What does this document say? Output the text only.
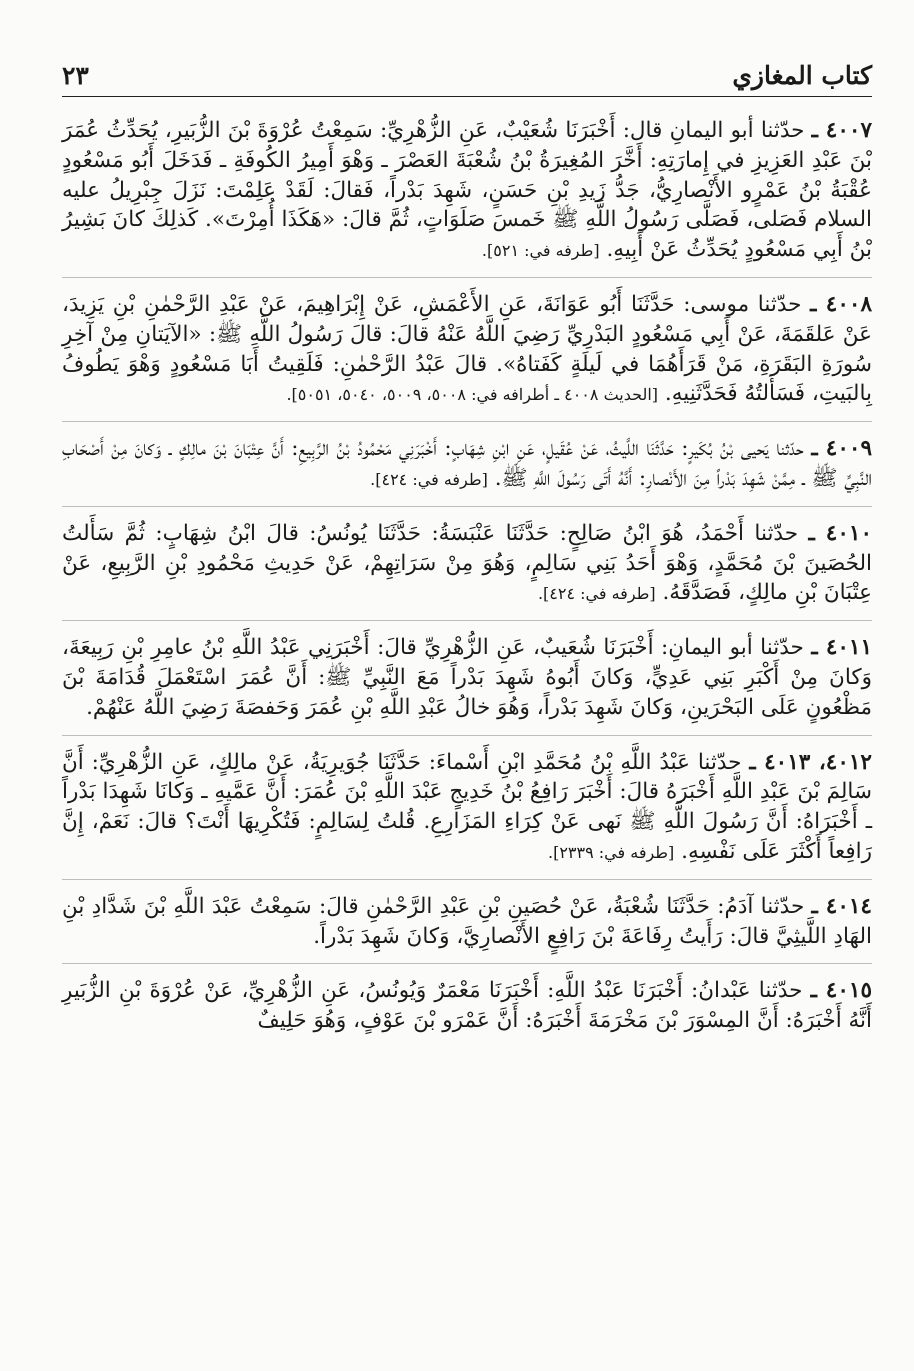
كتاب المغازي
٢٣

٤٠٠٧ ـ حدّثنا أبو اليمانِ قال: أَخْبَرَنَا شُعَيْبٌ، عَنِ الزُّهْرِيِّ: سَمِعْتُ عُرْوَةَ بْنَ الزُّبَيرِ، يُحَدِّثُ عُمَرَ بْنَ عَبْدِ العَزِيزِ في إِمارَتِهِ: أَخَّرَ المُغِيرَةُ بْنُ شُعْبَةَ العَصْرَ ـ وَهْوَ أَمِيرُ الكُوفَةِ ـ فَدَخَلَ أَبُو مَسْعُودٍ عُقْبَةُ بْنُ عَمْرٍو الأَنْصارِيُّ، جَدُّ زَيدِ بْنِ حَسَنٍ، شَهِدَ بَدْراً، فَقالَ: لَقَدْ عَلِمْتَ: نَزَلَ جِبْرِيلُ عليه السلام فَصَلى، فَصَلَّى رَسُولُ اللَّهِ ﷺ خَمسَ صَلَوَاتٍ، ثُمَّ قالَ: «هَكَذَا أُمِرْتَ». كَذلِكَ كانَ بَشِيرُ بْنُ أَبِي مَسْعُودٍ يُحَدِّثُ عَنْ أَبِيهِ. [طرفه في: ٥٢١].

٤٠٠٨ ـ حدّثنا موسى: حَدَّثَنَا أَبُو عَوَانَةَ، عَنِ الأَعْمَشِ، عَنْ إِبْرَاهِيمَ، عَنْ عَبْدِ الرَّحْمٰنِ بْنِ يَزِيدَ، عَنْ عَلقَمَةَ، عَنْ أَبِي مَسْعُودٍ البَدْرِيِّ رَضِيَ اللَّهُ عَنْهُ قالَ: قالَ رَسُولُ اللَّهِ ﷺ: «الآيَتانِ مِنْ آخِرِ سُورَةِ البَقَرَةِ، مَنْ قَرَأَهُمَا في لَيلَةٍ كَفَتاهُ». قالَ عَبْدُ الرَّحْمٰنِ: فَلَقِيتُ أَبَا مَسْعُودٍ وَهْوَ يَطُوفُ بِالبَيتِ، فَسَأَلتُهُ فَحَدَّثَنِيهِ. [الحديث ٤٠٠٨ ـ أطرافه في: ٥٠٠٨، ٥٠٠٩، ٥٠٤٠، ٥٠٥١].

٤٠٠٩ ـ حدّثنا يَحيى بْنُ بُكَيرٍ: حَدَّثَنَا اللَّيثُ، عَنْ عُقَيلٍ، عَنِ ابْنِ شِهَابٍ: أَخْبَرَنِي مَحْمُودُ بْنُ الرَّبِيعِ: أَنَّ عِتْبَانَ بْنَ مالِكٍ ـ وَكانَ مِنْ أَصْحَابِ النَّبِيِّ ﷺ ـ مِمَّنْ شَهِدَ بَدْراً مِنَ الأَنْصارِ: أَنَّهُ أَتَى رَسُولَ اللَّهِ ﷺ. [طرفه في: ٤٢٤].

٤٠١٠ ـ حدّثنا أَحْمَدُ، هُوَ ابْنُ صَالِحٍ: حَدَّثَنَا عَنْبَسَةُ: حَدَّثَنَا يُونُسُ: قالَ ابْنُ شِهَابٍ: ثُمَّ سَأَلتُ الحُصَينَ بْنَ مُحَمَّدٍ، وَهْوَ أَحَدُ بَنِي سَالِمٍ، وَهُوَ مِنْ سَرَاتِهِمْ، عَنْ حَدِيثِ مَحْمُودِ بْنِ الرَّبِيعِ، عَنْ عِتْبَانَ بْنِ مالِكٍ، فَصَدَّقَهُ. [طرفه في: ٤٢٤].

٤٠١١ ـ حدّثنا أبو اليمانِ: أَخْبَرَنَا شُعَيبٌ، عَنِ الزُّهْرِيِّ قالَ: أَخْبَرَنِي عَبْدُ اللَّهِ بْنُ عامِرِ بْنِ رَبِيعَةَ، وَكانَ مِنْ أَكْبَرِ بَنِي عَدِيٍّ، وَكانَ أَبُوهُ شَهِدَ بَدْراً مَعَ النَّبِيِّ ﷺ: أَنَّ عُمَرَ اسْتَعْمَلَ قُدَامَةَ بْنَ مَظْعُونٍ عَلَى البَحْرَينِ، وَكانَ شَهِدَ بَدْراً، وَهُوَ خالُ عَبْدِ اللَّهِ بْنِ عُمَرَ وَحَفصَةَ رَضِيَ اللَّهُ عَنْهُمْ.

٤٠١٢، ٤٠١٣ ـ حدّثنا عَبْدُ اللَّهِ بْنُ مُحَمَّدِ ابْنِ أَسْماءَ: حَدَّثَنَا جُوَيرِيَةُ، عَنْ مالِكٍ، عَنِ الزُّهْرِيِّ: أَنَّ سَالِمَ بْنَ عَبْدِ اللَّهِ أَخْبَرَهُ قالَ: أَخْبَرَ رَافِعُ بْنُ خَدِيجٍ عَبْدَ اللَّهِ بْنَ عُمَرَ: أَنَّ عَمَّيهِ ـ وَكانَا شَهِدَا بَدْراً ـ أَخْبَرَاهُ: أَنَّ رَسُولَ اللَّهِ ﷺ نَهى عَنْ كِرَاءِ المَزَارِعِ. قُلتُ لِسَالِمٍ: فَتُكْرِيهَا أَنْتَ؟ قالَ: نَعَمْ، إِنَّ رَافِعاً أَكْثَرَ عَلَى نَفْسِهِ. [طرفه في: ٢٣٣٩].

٤٠١٤ ـ حدّثنا آدَمُ: حَدَّثَنَا شُعْبَةُ، عَنْ حُصَينِ بْنِ عَبْدِ الرَّحْمٰنِ قالَ: سَمِعْتُ عَبْدَ اللَّهِ بْنَ شَدَّادِ بْنِ الهَادِ اللَّيثِيَّ قالَ: رَأَيتُ رِفَاعَةَ بْنَ رَافِعٍ الأَنْصارِيَّ، وَكانَ شَهِدَ بَدْراً.

٤٠١٥ ـ حدّثنا عَبْدانُ: أَخْبَرَنَا عَبْدُ اللَّهِ: أَخْبَرَنَا مَعْمَرٌ وَيُونُسُ، عَنِ الزُّهْرِيِّ، عَنْ عُرْوَةَ بْنِ الزُّبَيرِ أَنَّهُ أَخْبَرَهُ: أَنَّ المِسْوَرَ بْنَ مَخْرَمَةَ أَخْبَرَهُ: أَنَّ عَمْرَو بْنَ عَوْفٍ، وَهُوَ حَلِيفٌ
